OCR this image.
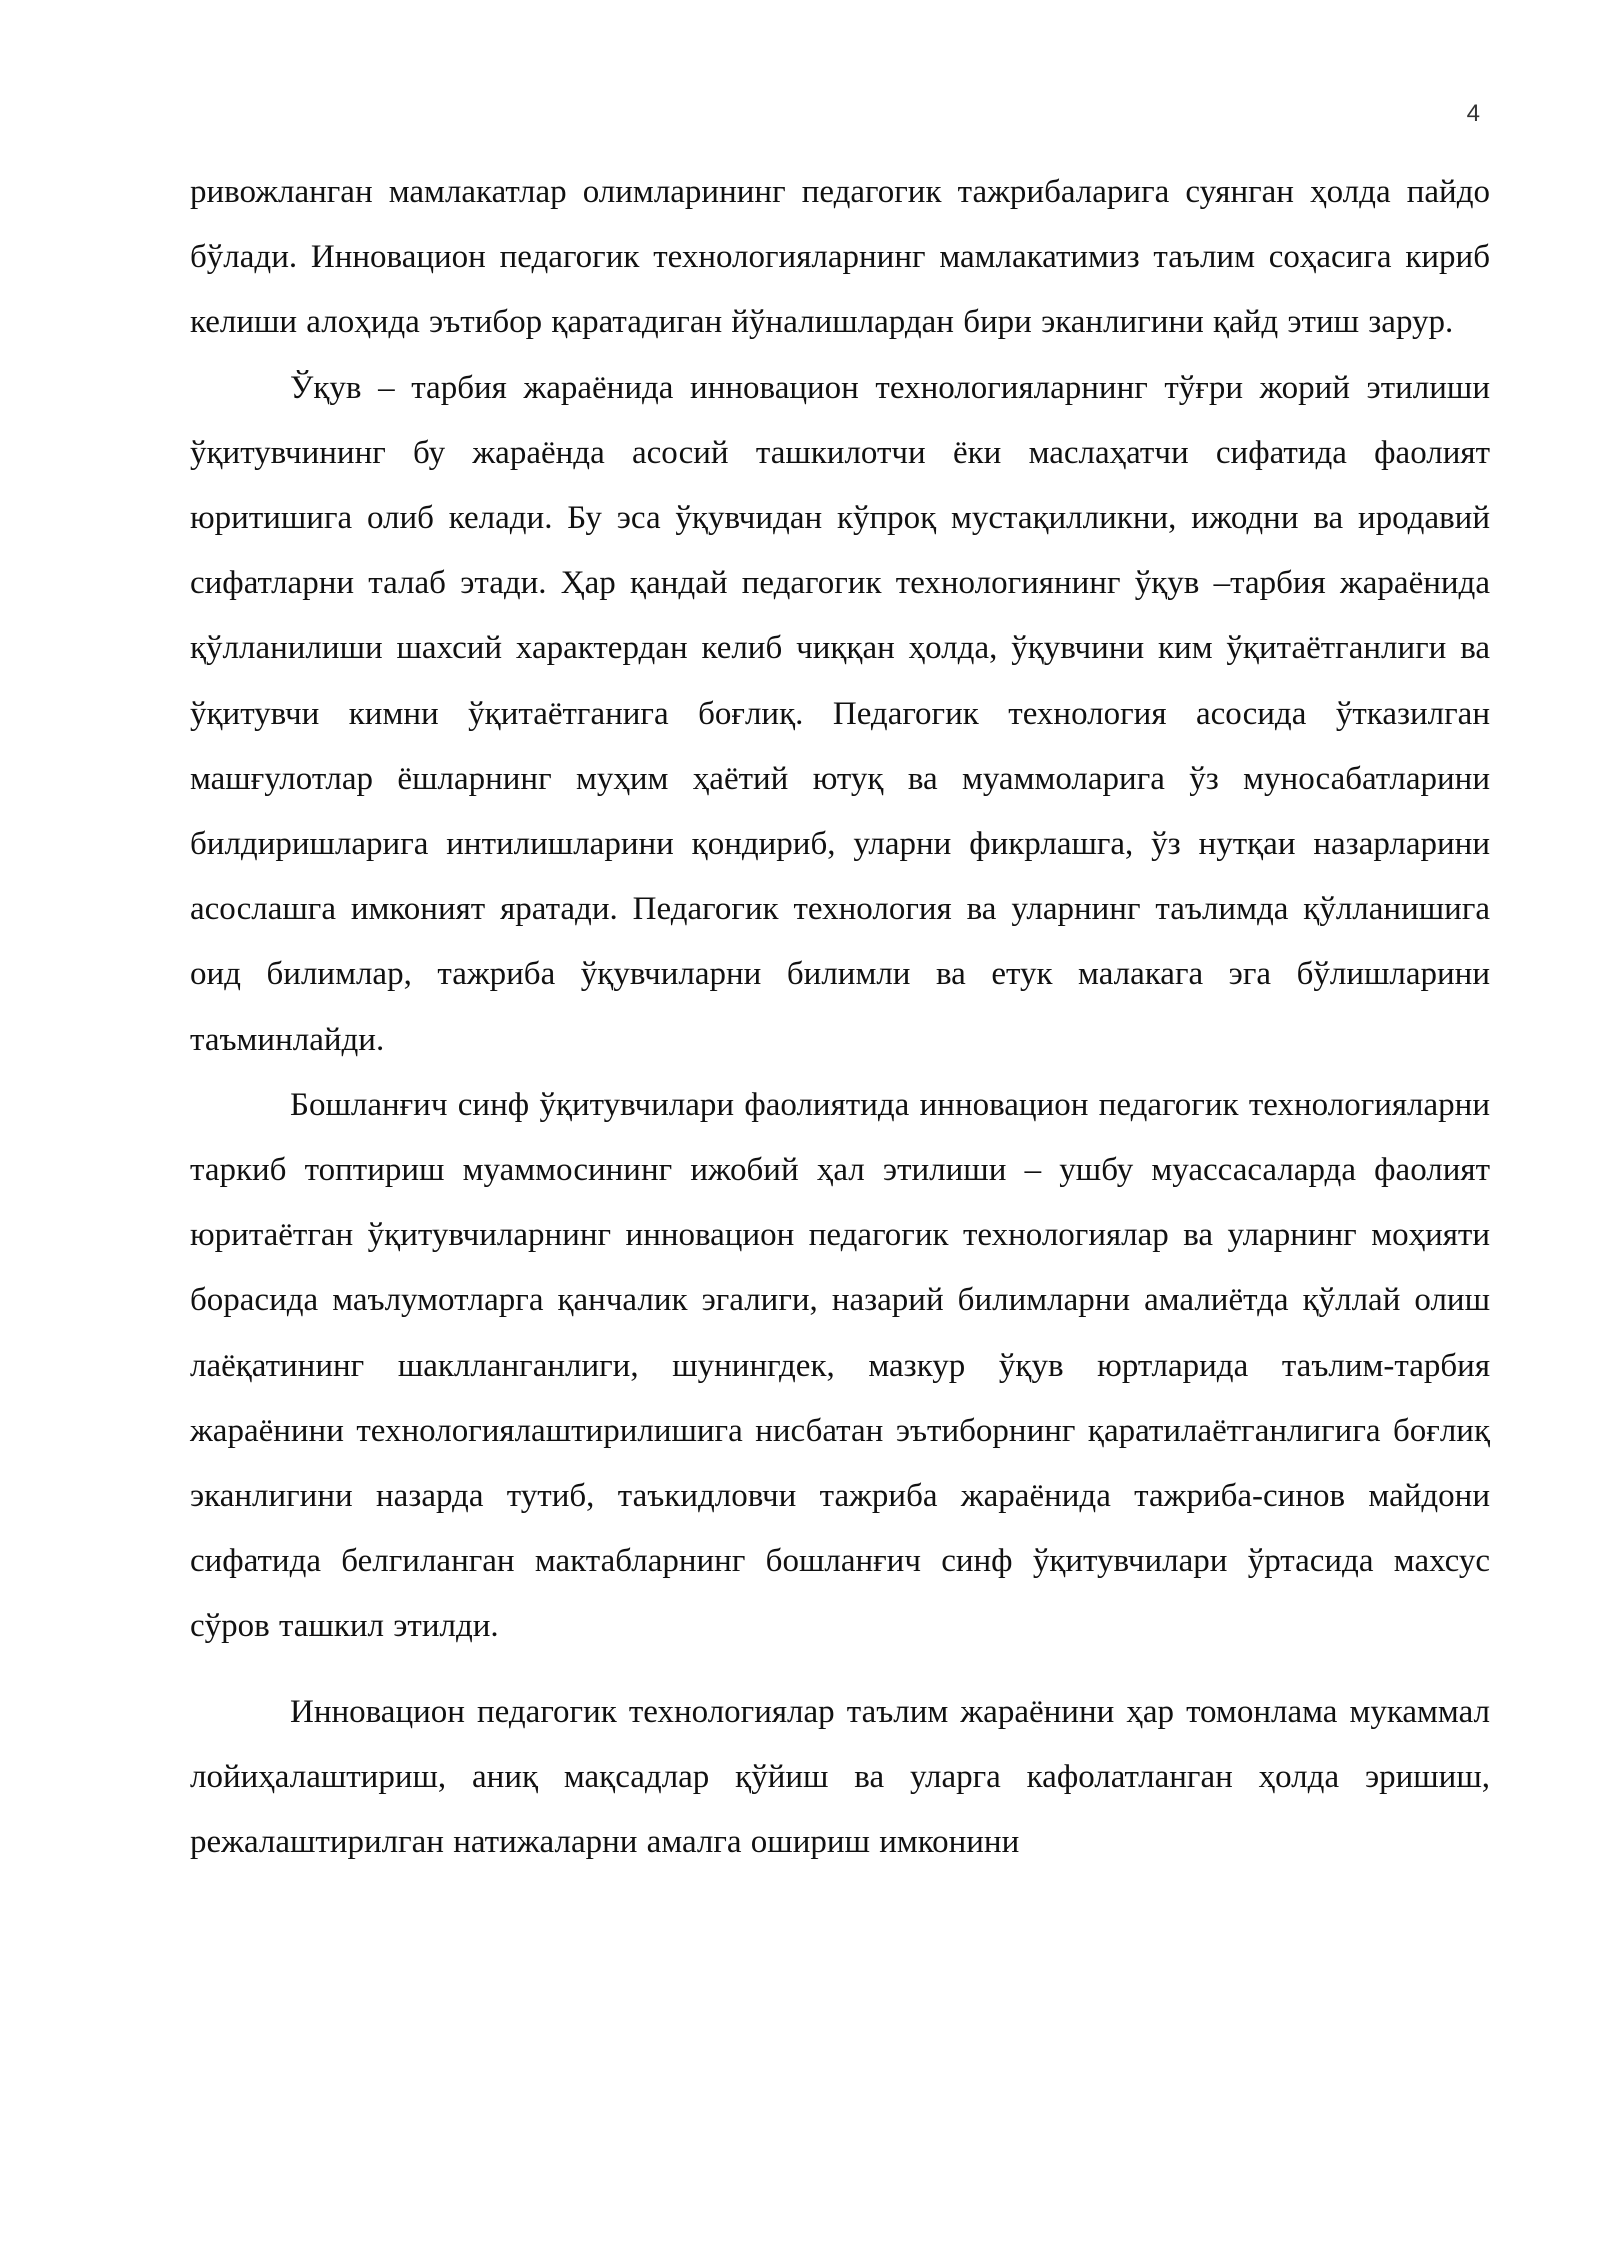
4

ривожланган мамлакатлар олимларининг педагогик тажрибаларига суянган ҳолда пайдо бўлади. Инновацион педагогик технологияларнинг мамлакатимиз таълим соҳасига кириб келиши алоҳида эътибор қаратадиган йўналишлардан бири эканлигини қайд этиш зарур.

Ўқув – тарбия жараёнида инновацион технологияларнинг тўғри жорий этилиши ўқитувчининг бу жараёнда асосий ташкилотчи ёки маслаҳатчи сифатида фаолият юритишига олиб келади. Бу эса ўқувчидан кўпроқ мустақилликни, ижодни ва иродавий сифатларни талаб этади. Ҳар қандай педагогик технологиянинг ўқув –тарбия жараёнида қўлланилиши шахсий характердан келиб чиққан ҳолда, ўқувчини ким ўқитаётганлиги ва ўқитувчи кимни ўқитаётганига боғлиқ. Педагогик технология асосида ўтказилган машғулотлар ёшларнинг муҳим ҳаётий ютуқ ва муаммоларига ўз муносабатларини билдиришларига интилишларини қондириб, уларни фикрлашга, ўз нутқаи назарларини асослашга имконият яратади. Педагогик технология ва уларнинг таълимда қўлланишига оид билимлар, тажриба ўқувчиларни билимли ва етук малакага эга бўлишларини таъминлайди.

Бошланғич синф ўқитувчилари фаолиятида инновацион педагогик технологияларни таркиб топтириш муаммосининг ижобий ҳал этилиши – ушбу муассасаларда фаолият юритаётган ўқитувчиларнинг инновацион педагогик технологиялар ва уларнинг моҳияти борасида маълумотларга қанчалик эгалиги, назарий билимларни амалиётда қўллай олиш лаёқатининг шаклланганлиги, шунингдек, мазкур ўқув юртларида таълим-тарбия жараёнини технологиялаштирилишига нисбатан эътиборнинг қаратилаётганлигига боғлиқ эканлигини назарда тутиб, таъкидловчи тажриба жараёнида тажриба-синов майдони сифатида белгиланган мактабларнинг бошланғич синф ўқитувчилари ўртасида махсус сўров ташкил этилди.

Инновацион педагогик технологиялар таълим жараёнини ҳар томонлама мукаммал лойиҳалаштириш, аниқ мақсадлар қўйиш ва уларга кафолатланган ҳолда эришиш, режалаштирилган натижаларни амалга ошириш имконини
